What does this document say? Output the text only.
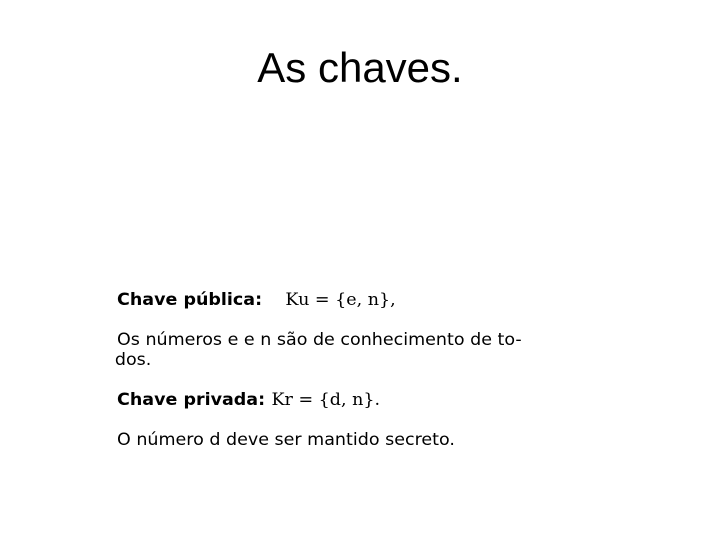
As chaves.
Chave pública: Ku = {e, n},
Os números e e n são de conhecimento de to-
dos.
Chave privada: Kr = {d, n}.
O número d deve ser mantido secreto.
